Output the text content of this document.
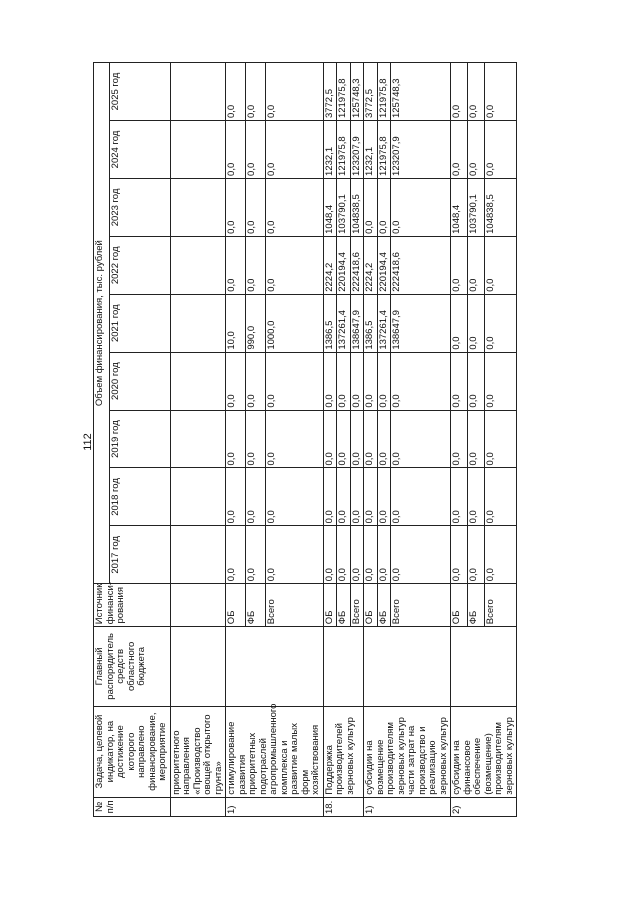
112
№ п/п	Задача, целевой индикатор, на достижение которого направлено финансирование, мероприятие	Главный распорядитель средств областного бюджета	Источник финанси-рования	Объем финансирования, тыс. рублей								
				2017 год	2018 год	2019 год	2020 год	2021 год	2022 год	2023 год	2024 год	2025 год
	приоритетного направления «Производство овощей открытого грунта»											
1)	стимулирование развития приоритетных подотраслей агропромышленного комплекса и развитие малых форм хозяйствования		ОБ	0,0	0,0	0,0	0,0	10,0	0,0	0,0	0,0	0,0
			ФБ	0,0	0,0	0,0	0,0	990,0	0,0	0,0	0,0	0,0
			Всего	0,0	0,0	0,0	0,0	1000,0	0,0	0,0	0,0	0,0
18.	Поддержка производителей зерновых культур		ОБ	0,0	0,0	0,0	0,0	1386,5	2224,2	1048,4	1232,1	3772,5
			ФБ	0,0	0,0	0,0	0,0	137261,4	220194,4	103790,1	121975,8	121975,8
			Всего	0,0	0,0	0,0	0,0	138647,9	222418,6	104838,5	123207,9	125748,3
1)	субсидии на возмещение производителям зерновых культур части затрат на производство и реализацию зерновых культур		ОБ	0,0	0,0	0,0	0,0	1386,5	2224,2	0,0	1232,1	3772,5
			ФБ	0,0	0,0	0,0	0,0	137261,4	220194,4	0,0	121975,8	121975,8
			Всего	0,0	0,0	0,0	0,0	138647,9	222418,6	0,0	123207,9	125748,3
2)	субсидии на финансовое обеспечение (возмещение) производителям зерновых культур		ОБ	0,0	0,0	0,0	0,0	0,0	0,0	1048,4	0,0	0,0
			ФБ	0,0	0,0	0,0	0,0	0,0	0,0	103790,1	0,0	0,0
			Всего	0,0	0,0	0,0	0,0	0,0	0,0	104838,5	0,0	0,0
